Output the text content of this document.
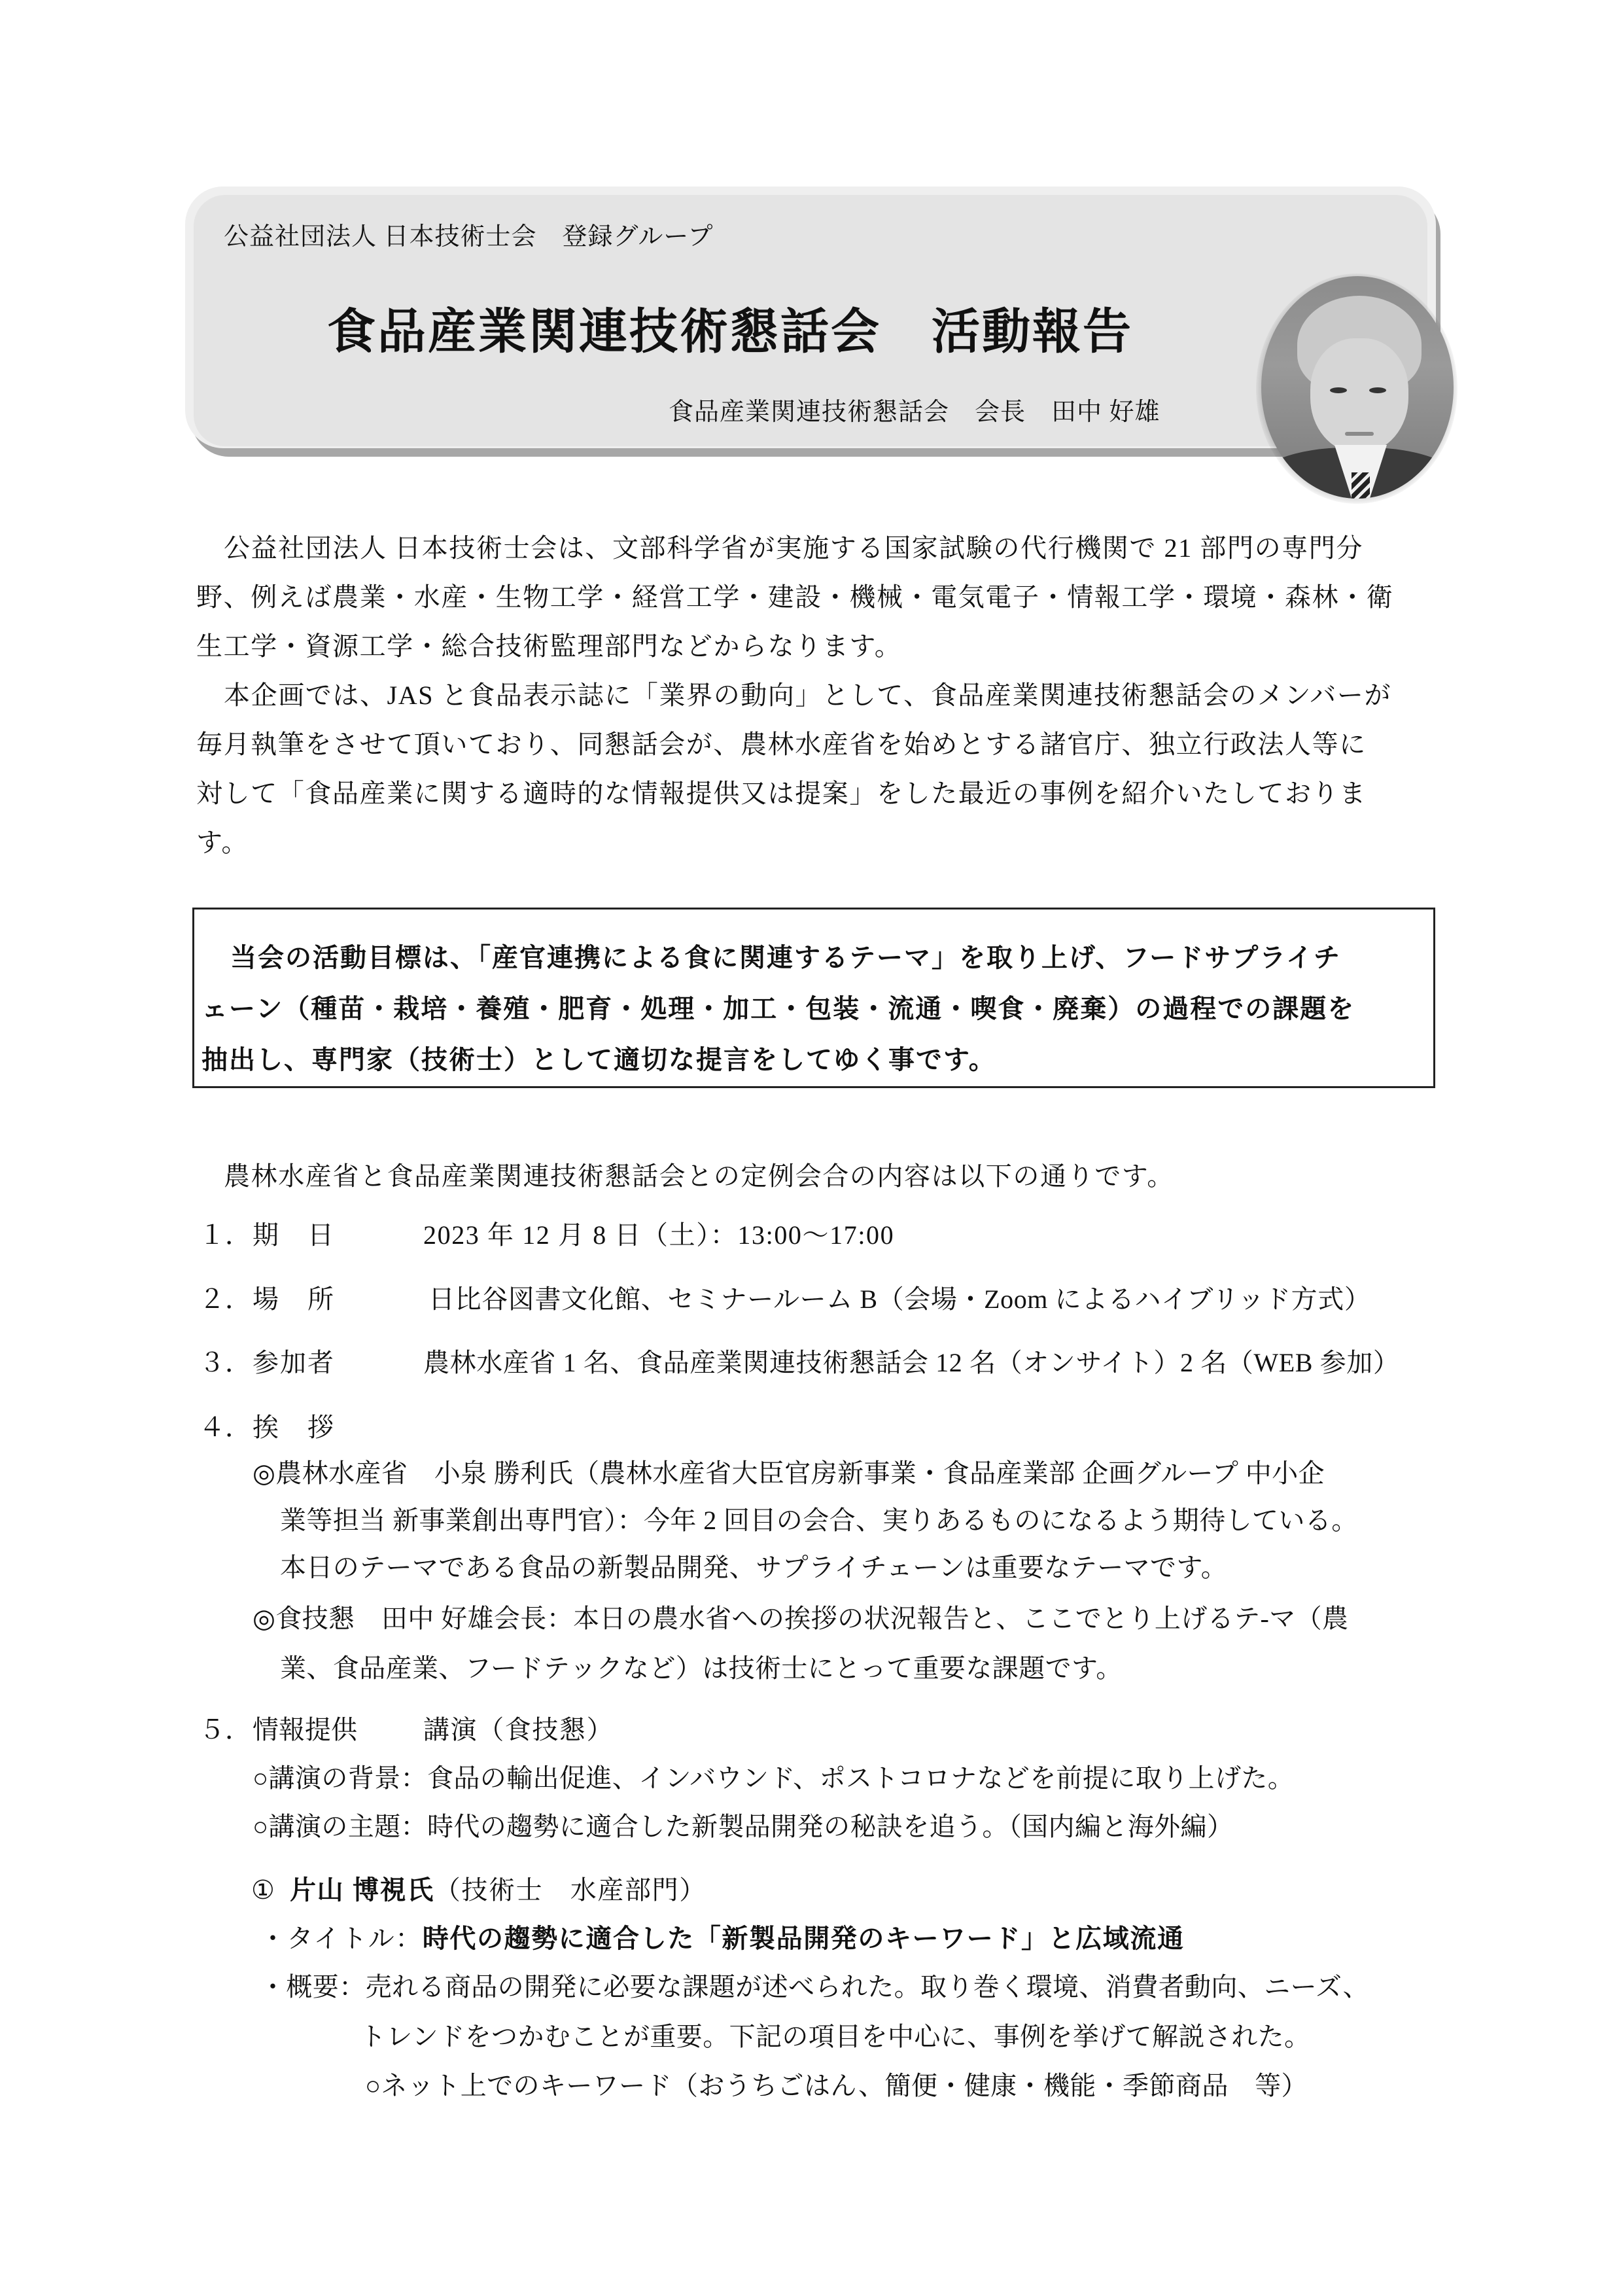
公益社団法人 日本技術士会　登録グループ
食品産業関連技術懇話会　活動報告
食品産業関連技術懇話会　会長　田中 好雄
公益社団法人 日本技術士会は、文部科学省が実施する国家試験の代行機関で 21 部門の専門分
野、例えば農業・水産・生物工学・経営工学・建設・機械・電気電子・情報工学・環境・森林・衛
生工学・資源工学・総合技術監理部門などからなります。
本企画では、JAS と食品表示誌に「業界の動向」として、食品産業関連技術懇話会のメンバーが
毎月執筆をさせて頂いており、同懇話会が、農林水産省を始めとする諸官庁、独立行政法人等に
対して「食品産業に関する適時的な情報提供又は提案」をした最近の事例を紹介いたしておりま
す。
当会の活動目標は、「産官連携による食に関連するテーマ」を取り上げ、フードサプライチ
ェーン（種苗・栽培・養殖・肥育・処理・加工・包装・流通・喫食・廃棄）の過程での課題を
抽出し、専門家（技術士）として適切な提言をしてゆく事です。
農林水産省と食品産業関連技術懇話会との定例会合の内容は以下の通りです。
１． 期　日	2023 年 12 月 8 日（土）：13:00～17:00
２． 場　所	日比谷図書文化館、セミナールーム B（会場・Zoom によるハイブリッド方式）
３． 参加者	農林水産省 1 名、食品産業関連技術懇話会 12 名（オンサイト）2 名（WEB 参加）
４． 挨　拶
◎農林水産省　小泉 勝利氏（農林水産省大臣官房新事業・食品産業部 企画グループ 中小企
業等担当 新事業創出専門官）：今年 2 回目の会合、実りあるものになるよう期待している。
本日のテーマである食品の新製品開発、サプライチェーンは重要なテーマです。
◎食技懇　田中 好雄会長：本日の農水省への挨拶の状況報告と、ここでとり上げるテ-マ（農
業、食品産業、フードテックなど）は技術士にとって重要な課題です。
５． 情報提供	講演（食技懇）
○講演の背景：食品の輸出促進、インバウンド、ポストコロナなどを前提に取り上げた。
○講演の主題：時代の趨勢に適合した新製品開発の秘訣を追う。（国内編と海外編）
①  片山 博視氏（技術士　水産部門）
・タイトル：時代の趨勢に適合した「新製品開発のキーワード」と広域流通
・概要：売れる商品の開発に必要な課題が述べられた。取り巻く環境、消費者動向、ニーズ、
トレンドをつかむことが重要。下記の項目を中心に、事例を挙げて解説された。
○ネット上でのキーワード（おうちごはん、簡便・健康・機能・季節商品　等）
